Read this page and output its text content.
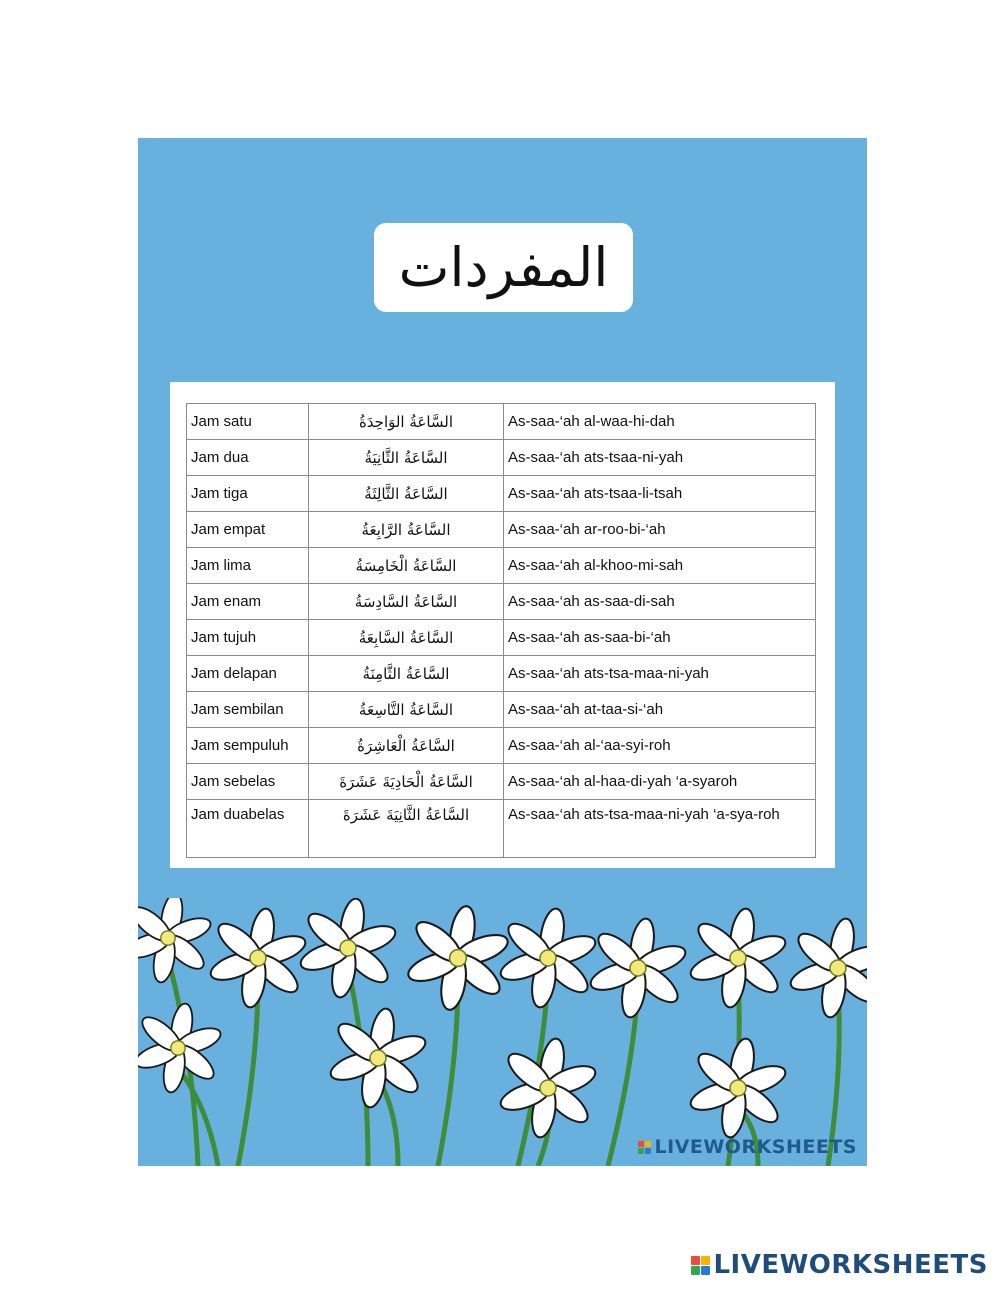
المفردات
Jam satu	السَّاعَةُ الوَاحِدَةُ	As-saa-‘ah al-waa-hi-dah
Jam dua	السَّاعَةُ الثَّانِيَةُ	As-saa-‘ah ats-tsaa-ni-yah
Jam tiga	السَّاعَةُ الثَّالِثَةُ	As-saa-‘ah ats-tsaa-li-tsah
Jam empat	السَّاعَةُ الرَّابِعَةُ	As-saa-‘ah ar-roo-bi-‘ah
Jam lima	السَّاعَةُ الْخَامِسَةُ	As-saa-‘ah al-khoo-mi-sah
Jam enam	السَّاعَةُ السَّادِسَةُ	As-saa-‘ah as-saa-di-sah
Jam tujuh	السَّاعَةُ السَّابِعَةُ	As-saa-‘ah as-saa-bi-‘ah
Jam delapan	السَّاعَةُ الثَّامِنَةُ	As-saa-‘ah ats-tsa-maa-ni-yah
Jam sembilan	السَّاعَةُ التَّاسِعَةُ	As-saa-‘ah at-taa-si-‘ah
Jam sempuluh	السَّاعَةُ الْعَاشِرَةُ	As-saa-‘ah al-‘aa-syi-roh
Jam sebelas	السَّاعَةُ الْحَادِيَةَ عَشَرَةَ	As-saa-‘ah al-haa-di-yah ‘a-syaroh
Jam duabelas	السَّاعَةُ الثَّانِيَةَ عَشَرَةَ	As-saa-‘ah ats-tsa-maa-ni-yah ‘a-sya-roh
LIVEWORKSHEETS
LIVEWORKSHEETS
